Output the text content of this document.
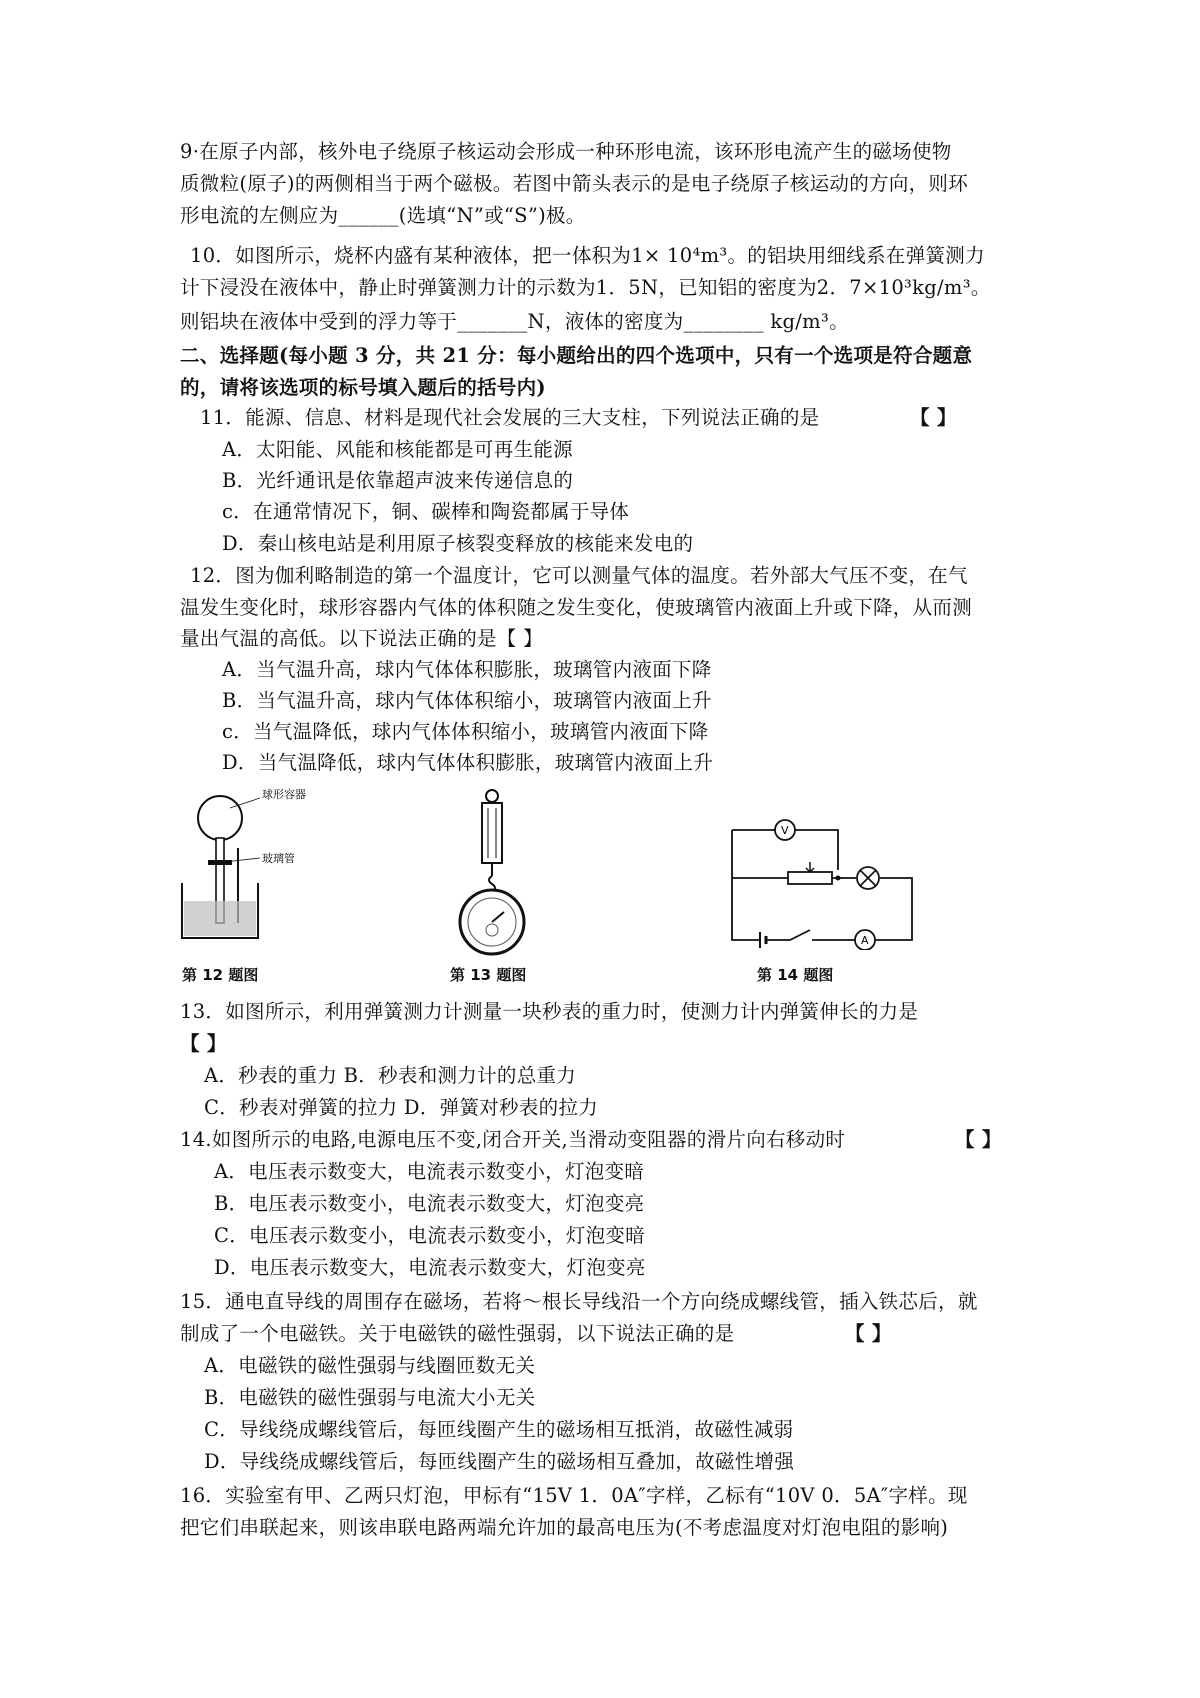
9·在原子内部，核外电子绕原子核运动会形成一种环形电流，该环形电流产生的磁场使物
质微粒(原子)的两侧相当于两个磁极。若图中箭头表示的是电子绕原子核运动的方向，则环
形电流的左侧应为______(选填“N”或“S”)极。
10．如图所示，烧杯内盛有某种液体，把一体积为1× 10⁴m³。的铝块用细线系在弹簧测力
计下浸没在液体中，静止时弹簧测力计的示数为1．5N，已知铝的密度为2．7×10³kg/m³。
则铝块在液体中受到的浮力等于_______N，液体的密度为________ kg/m³。
二、选择题(每小题 3 分，共 21 分：每小题给出的四个选项中，只有一个选项是符合题意
的，请将该选项的标号填入题后的括号内)
11．能源、信息、材料是现代社会发展的三大支柱，下列说法正确的是	【 】
A．太阳能、风能和核能都是可再生能源
B．光纤通讯是依靠超声波来传递信息的
c．在通常情况下，铜、碳棒和陶瓷都属于导体
D．秦山核电站是利用原子核裂变释放的核能来发电的
12．图为伽利略制造的第一个温度计，它可以测量气体的温度。若外部大气压不变，在气
温发生变化时，球形容器内气体的体积随之发生变化，使玻璃管内液面上升或下降，从而测
量出气温的高低。以下说法正确的是【 】
A．当气温升高，球内气体体积膨胀，玻璃管内液面下降
B．当气温升高，球内气体体积缩小，玻璃管内液面上升
c．当气温降低，球内气体体积缩小，玻璃管内液面下降
D．当气温降低，球内气体体积膨胀，玻璃管内液面上升
球形容器
玻璃管
V
A
第 12 题图	第 13 题图	第 14 题图
13．如图所示，利用弹簧测力计测量一块秒表的重力时，使测力计内弹簧伸长的力是
【 】
A．秒表的重力 B．秒表和测力计的总重力
C．秒表对弹簧的拉力 D．弹簧对秒表的拉力
14.如图所示的电路,电源电压不变,闭合开关,当滑动变阻器的滑片向右移动时	【 】
A．电压表示数变大，电流表示数变小，灯泡变暗
B．电压表示数变小，电流表示数变大，灯泡变亮
C．电压表示数变小，电流表示数变小，灯泡变暗
D．电压表示数变大，电流表示数变大，灯泡变亮
15．通电直导线的周围存在磁场，若将～根长导线沿一个方向绕成螺线管，插入铁芯后，就
制成了一个电磁铁。关于电磁铁的磁性强弱，以下说法正确的是	【 】
A．电磁铁的磁性强弱与线圈匝数无关
B．电磁铁的磁性强弱与电流大小无关
C．导线绕成螺线管后，每匝线圈产生的磁场相互抵消，故磁性减弱
D．导线绕成螺线管后，每匝线圈产生的磁场相互叠加，故磁性增强
16．实验室有甲、乙两只灯泡，甲标有“15V 1．0A″字样，乙标有“10V 0．5A″字样。现
把它们串联起来，则该串联电路两端允许加的最高电压为(不考虑温度对灯泡电阻的影响)
